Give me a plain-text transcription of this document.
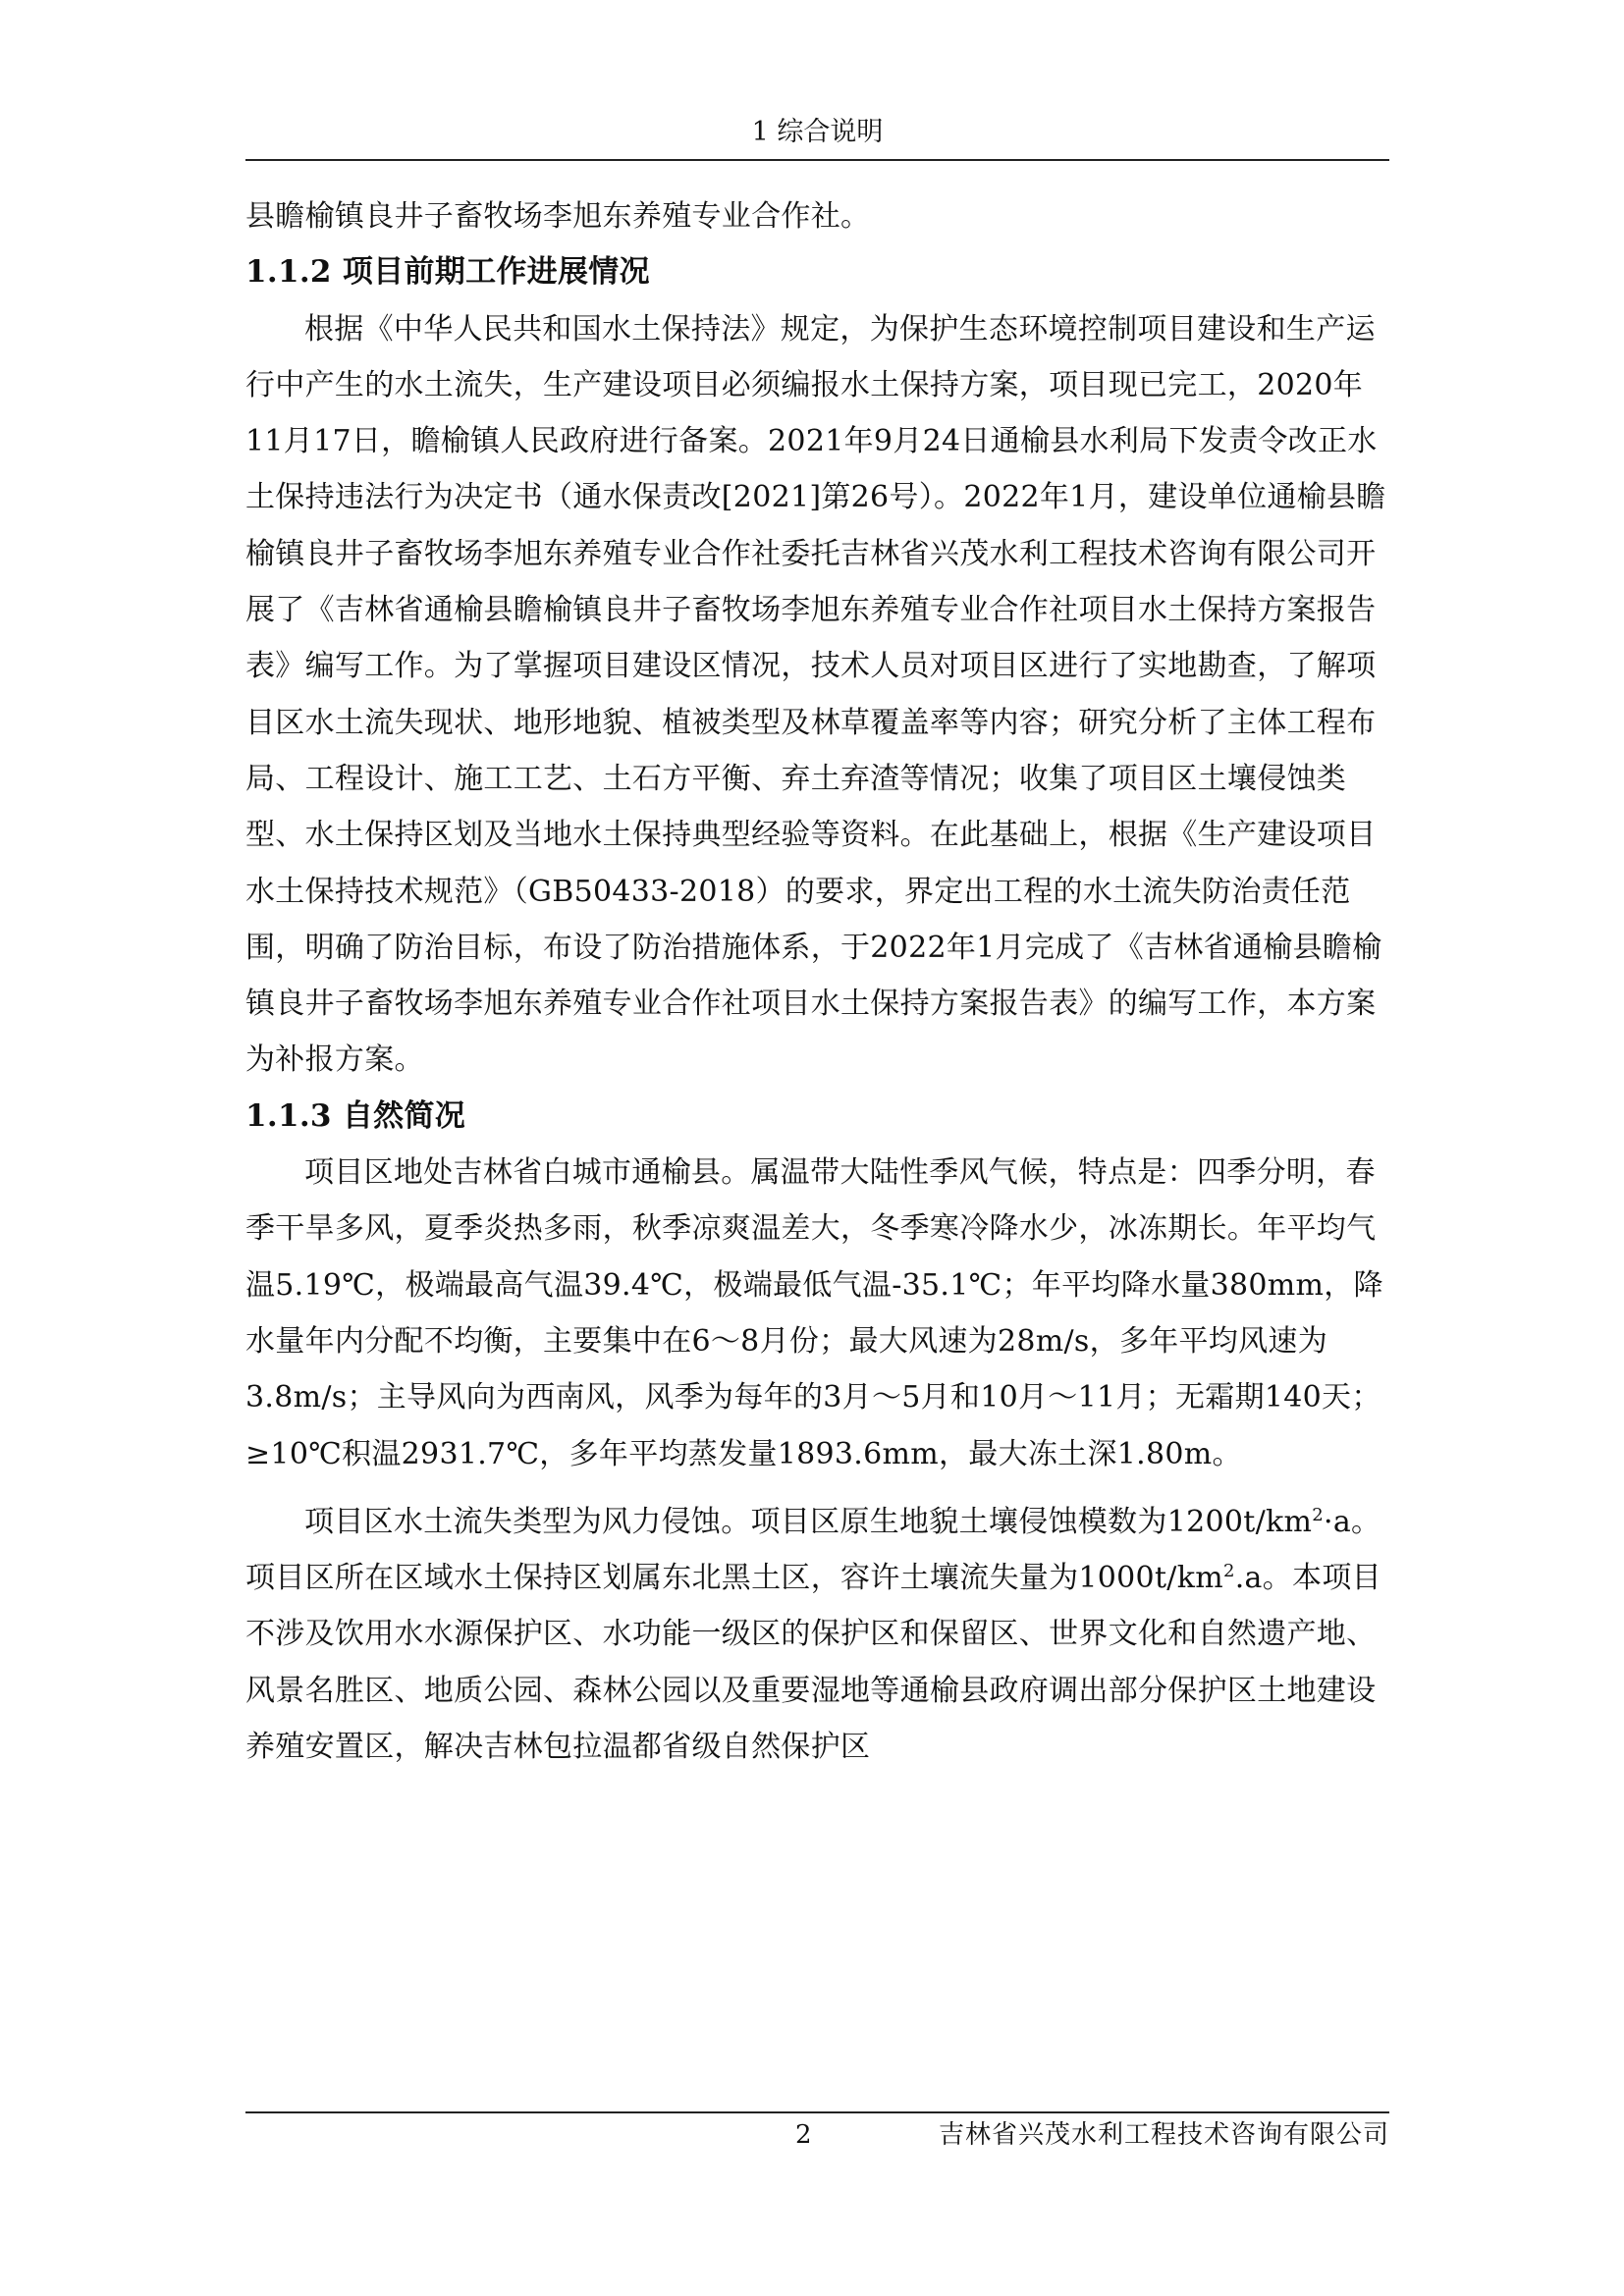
1 综合说明

县瞻榆镇良井子畜牧场李旭东养殖专业合作社。

1.1.2 项目前期工作进展情况

根据《中华人民共和国水土保持法》规定，为保护生态环境控制项目建设和生产运行中产生的水土流失，生产建设项目必须编报水土保持方案，项目现已完工，2020年11月17日，瞻榆镇人民政府进行备案。2021年9月24日通榆县水利局下发责令改正水土保持违法行为决定书（通水保责改[2021]第26号）。2022年1月，建设单位通榆县瞻榆镇良井子畜牧场李旭东养殖专业合作社委托吉林省兴茂水利工程技术咨询有限公司开展了《吉林省通榆县瞻榆镇良井子畜牧场李旭东养殖专业合作社项目水土保持方案报告表》编写工作。为了掌握项目建设区情况，技术人员对项目区进行了实地勘查，了解项目区水土流失现状、地形地貌、植被类型及林草覆盖率等内容；研究分析了主体工程布局、工程设计、施工工艺、土石方平衡、弃土弃渣等情况；收集了项目区土壤侵蚀类型、水土保持区划及当地水土保持典型经验等资料。在此基础上，根据《生产建设项目水土保持技术规范》（GB50433-2018）的要求，界定出工程的水土流失防治责任范围，明确了防治目标，布设了防治措施体系，于2022年1月完成了《吉林省通榆县瞻榆镇良井子畜牧场李旭东养殖专业合作社项目水土保持方案报告表》的编写工作，本方案为补报方案。

1.1.3 自然简况

项目区地处吉林省白城市通榆县。属温带大陆性季风气候，特点是：四季分明，春季干旱多风，夏季炎热多雨，秋季凉爽温差大，冬季寒冷降水少，冰冻期长。年平均气温5.19℃，极端最高气温39.4℃，极端最低气温-35.1℃；年平均降水量380mm，降水量年内分配不均衡，主要集中在6～8月份；最大风速为28m/s，多年平均风速为3.8m/s；主导风向为西南风，风季为每年的3月～5月和10月～11月；无霜期140天；≥10℃积温2931.7℃，多年平均蒸发量1893.6mm，最大冻土深1.80m。

项目区水土流失类型为风力侵蚀。项目区原生地貌土壤侵蚀模数为$1200t/km^2\cdot a$。项目区所在区域水土保持区划属东北黑土区，容许土壤流失量为$1000t/km^2.a$。本项目不涉及饮用水水源保护区、水功能一级区的保护区和保留区、世界文化和自然遗产地、风景名胜区、地质公园、森林公园以及重要湿地等通榆县政府调出部分保护区土地建设养殖安置区，解决吉林包拉温都省级自然保护区

2	吉林省兴茂水利工程技术咨询有限公司
